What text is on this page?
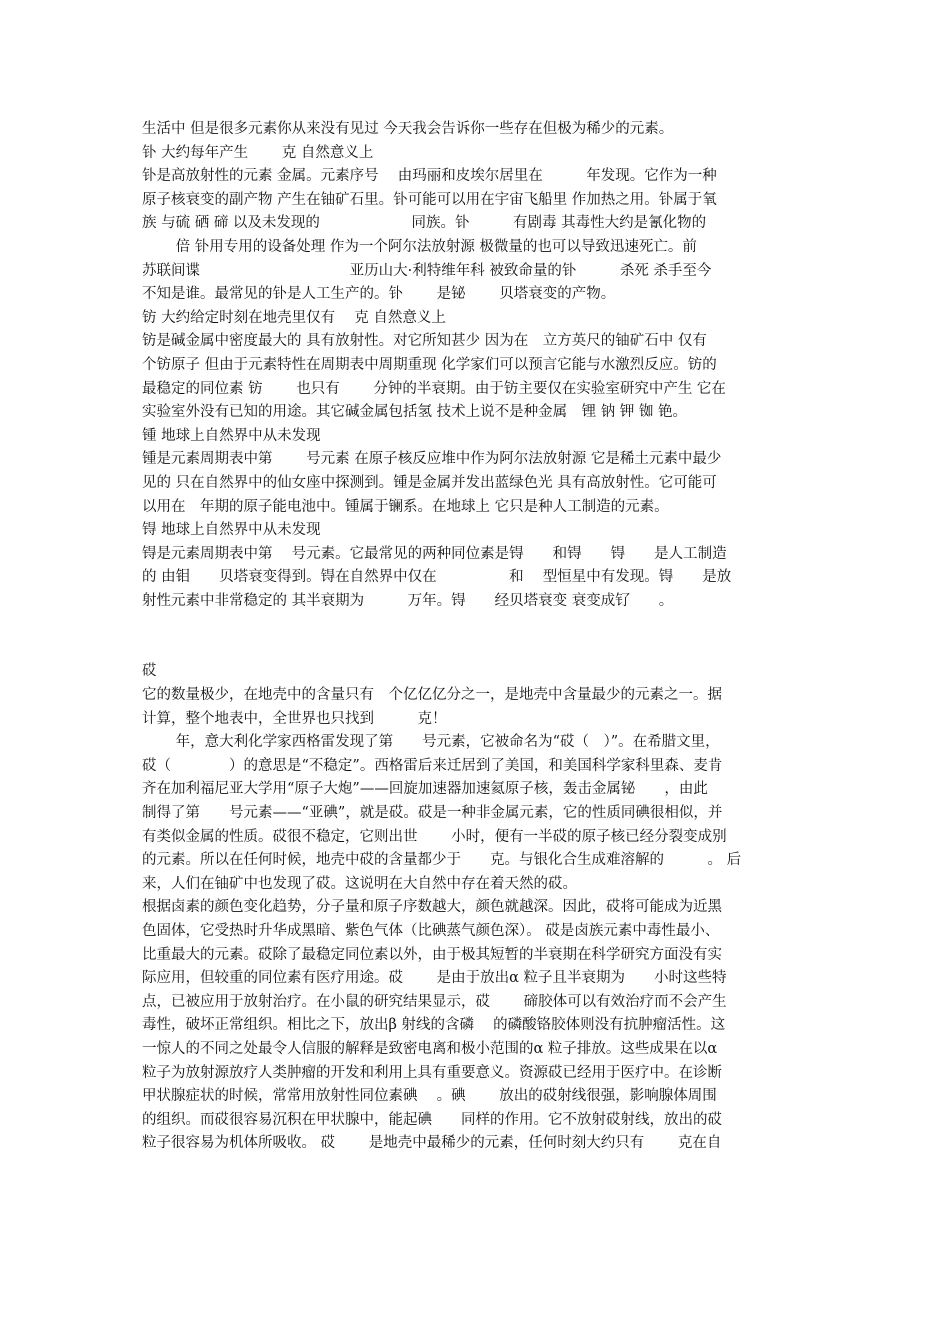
生活中 但是很多元素你从来没有见过 今天我会告诉你一些存在但极为稀少的元素。
钋 大约每年产生　　 克 自然意义上
钋是高放射性的元素 金属。元素序号　 由玛丽和皮埃尔居里在　　　年发现。它作为一种
原子核衰变的副产物 产生在铀矿石里。钋可能可以用在宇宙飞船里 作加热之用。钋属于氧
族 与硫 硒 碲 以及未发现的　　　　　　 同族。钋　　　有剧毒 其毒性大约是氰化物的
　　 倍 钋用专用的设备处理 作为一个阿尔法放射源 极微量的也可以导致迅速死亡。前
苏联间谍　　　　　　　　　　 亚历山大·利特维年科 被致命量的钋　　　杀死 杀手至今
不知是谁。最常见的钋是人工生产的。钋　　 是铋　　 贝塔衰变的产物。
钫 大约给定时刻在地壳里仅有　 克 自然意义上
钫是碱金属中密度最大的 具有放射性。对它所知甚少 因为在　立方英尺的铀矿石中 仅有
个钫原子 但由于元素特性在周期表中周期重现 化学家们可以预言它能与水激烈反应。钫的
最稳定的同位素 钫　　 也只有　　 分钟的半衰期。由于钫主要仅在实验室研究中产生 它在
实验室外没有已知的用途。其它碱金属包括氢 技术上说不是种金属　锂 钠 钾 铷 铯。
锺 地球上自然界中从未发现
锺是元素周期表中第　　 号元素 在原子核反应堆中作为阿尔法放射源 它是稀土元素中最少
见的 只在自然界中的仙女座中探测到。锺是金属并发出蓝绿色光 具有高放射性。它可能可
以用在　年期的原子能电池中。锺属于镧系。在地球上 它只是种人工制造的元素。
锝 地球上自然界中从未发现
锝是元素周期表中第　 号元素。它最常见的两种同位素是锝　　和锝　　锝　　是人工制造
的 由钼　　贝塔衰变得到。锝在自然界中仅在　　　　　和　 型恒星中有发现。锝　　是放
射性元素中非常稳定的 其半衰期为　　　万年。锝　　经贝塔衰变 衰变成钌　　。
砹
它的数量极少，在地壳中的含量只有　个亿亿亿分之一，是地壳中含量最少的元素之一。据
计算，整个地表中，全世界也只找到　　　克！
　　 年，意大利化学家西格雷发现了第　　号元素，它被命名为“砹（　）”。在希腊文里，
砹（　　　　）的意思是“不稳定”。西格雷后来迁居到了美国，和美国科学家科里森、麦肯
齐在加利福尼亚大学用“原子大炮”——回旋加速器加速氦原子核，轰击金属铋　　，由此
制得了第　　号元素——“亚碘”，就是砹。砹是一种非金属元素，它的性质同碘很相似，并
有类似金属的性质。砹很不稳定，它则出世　　 小时，便有一半砹的原子核已经分裂变成别
的元素。所以在任何时候，地壳中砹的含量都少于　　克。与银化合生成难溶解的　　　。 后
来，人们在铀矿中也发现了砹。这说明在大自然中存在着天然的砹。
根据卤素的颜色变化趋势，分子量和原子序数越大，颜色就越深。因此，砹将可能成为近黑
色固体，它受热时升华成黑暗、紫色气体（比碘蒸气颜色深）。 砹是卤族元素中毒性最小、
比重最大的元素。砹除了最稳定同位素以外，由于极其短暂的半衰期在科学研究方面没有实
际应用，但较重的同位素有医疗用途。砹　　 是由于放出α 粒子且半衰期为　　小时这些特
点，已被应用于放射治疗。在小鼠的研究结果显示，砹　　 碲胶体可以有效治疗而不会产生
毒性，破坏正常组织。相比之下，放出β 射线的含磷　 的磷酸铬胶体则没有抗肿瘤活性。这
一惊人的不同之处最令人信服的解释是致密电离和极小范围的α 粒子排放。这些成果在以α
粒子为放射源放疗人类肿瘤的开发和利用上具有重要意义。资源砹已经用于医疗中。在诊断
甲状腺症状的时候，常常用放射性同位素碘　 。碘　　 放出的砹射线很强，影响腺体周围
的组织。而砹很容易沉积在甲状腺中，能起碘　　同样的作用。它不放射砹射线，放出的砹
粒子很容易为机体所吸收。 砹　　 是地壳中最稀少的元素，任何时刻大约只有　　 克在自
